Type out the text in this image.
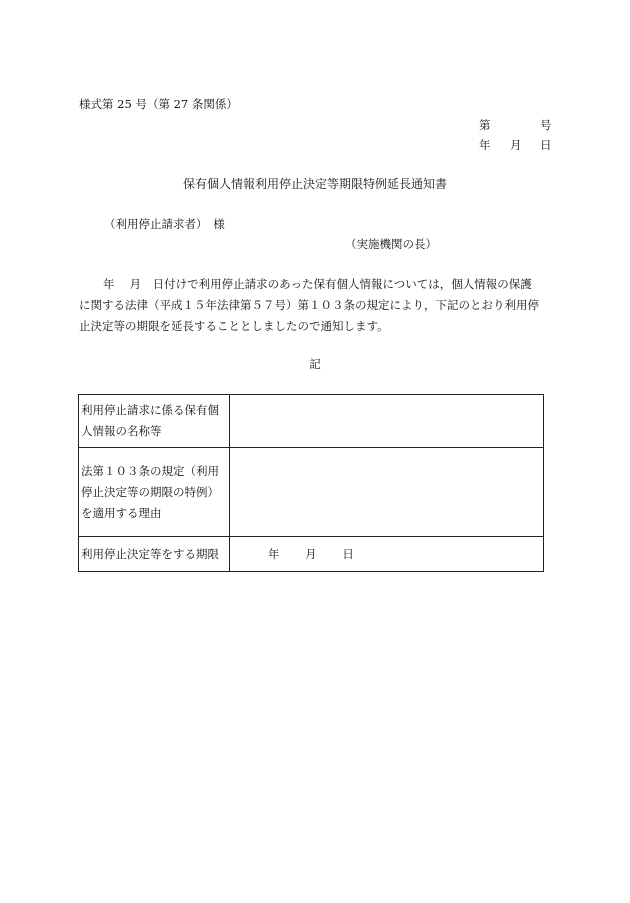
様式第 25 号（第 27 条関係）
第	号
年 月 日
保有個人情報利用停止決定等期限特例延長通知書
（利用停止請求者）　様
（実施機関の長）
年　 月　 日付けで利用停止請求のあった保有個人情報については，個人情報の保護
に関する法律（平成１５年法律第５７号）第１０３条の規定により，下記のとおり利用停
止決定等の期限を延長することとしましたので通知します。
記
利用停止請求に係る保有個
人情報の名称等	

法第１０３条の規定（利用
停止決定等の期限の特例）
を適用する理由	

利用停止決定等をする期限	年 月 日
